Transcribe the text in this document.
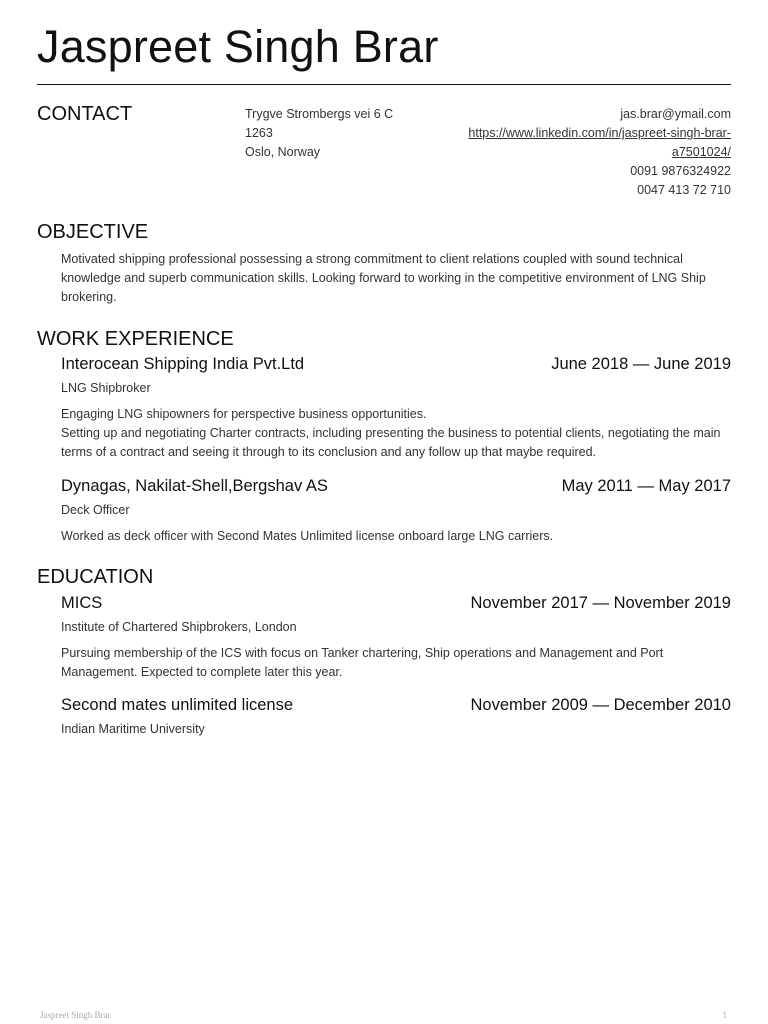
Jaspreet Singh Brar
CONTACT	Trygve Strombergs vei 6 C
1263
Oslo, Norway
jas.brar@ymail.com
https://www.linkedin.com/in/jaspreet-singh-brar-
a7501024/
0091 9876324922
0047 413 72 710
OBJECTIVE
Motivated shipping professional possessing a strong commitment to client relations coupled with sound technical knowledge and superb communication skills. Looking forward to working in the competitive environment of LNG Ship brokering.
WORK EXPERIENCE
Interocean Shipping India Pvt.Ltd	June 2018 — June 2019
LNG Shipbroker
Engaging LNG shipowners for perspective business opportunities.
Setting up and negotiating Charter contracts, including presenting the business to potential clients, negotiating the main terms of a contract and seeing it through to its conclusion and any follow up that maybe required.
Dynagas, Nakilat-Shell,Bergshav AS	May 2011 — May 2017
Deck Officer
Worked as deck officer with Second Mates Unlimited license onboard large LNG carriers.
EDUCATION
MICS	November 2017 — November 2019
Institute of Chartered Shipbrokers, London
Pursuing membership of the ICS with focus on Tanker chartering, Ship operations and Management and Port Management. Expected to complete later this year.
Second mates unlimited license	November 2009 — December 2010
Indian Maritime University
Jaspreet Singh Brar	1
